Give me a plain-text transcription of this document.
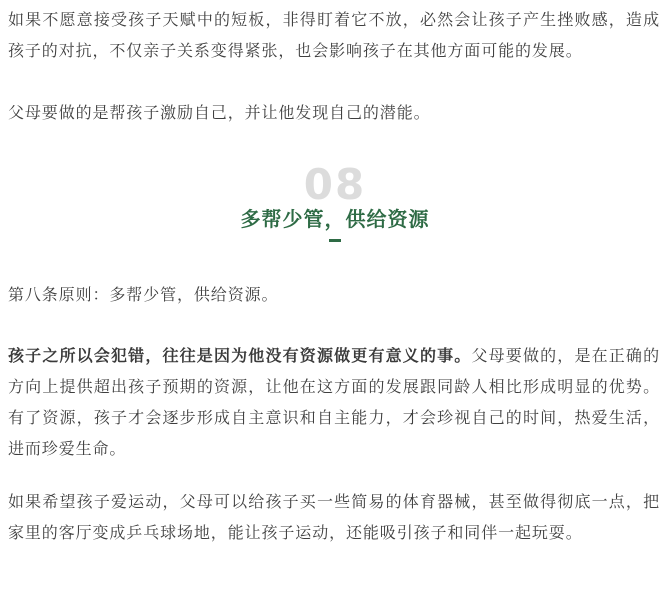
如果不愿意接受孩子天赋中的短板，非得盯着它不放，必然会让孩子产生挫败感，造成孩子的对抗，不仅亲子关系变得紧张，也会影响孩子在其他方面可能的发展。

父母要做的是帮孩子激励自己，并让他发现自己的潜能。

08
多帮少管，供给资源

第八条原则：多帮少管，供给资源。

孩子之所以会犯错，往往是因为他没有资源做更有意义的事。父母要做的，是在正确的方向上提供超出孩子预期的资源，让他在这方面的发展跟同龄人相比形成明显的优势。有了资源，孩子才会逐步形成自主意识和自主能力，才会珍视自己的时间，热爱生活，进而珍爱生命。

如果希望孩子爱运动，父母可以给孩子买一些简易的体育器械，甚至做得彻底一点，把家里的客厅变成乒乓球场地，能让孩子运动，还能吸引孩子和同伴一起玩耍。
